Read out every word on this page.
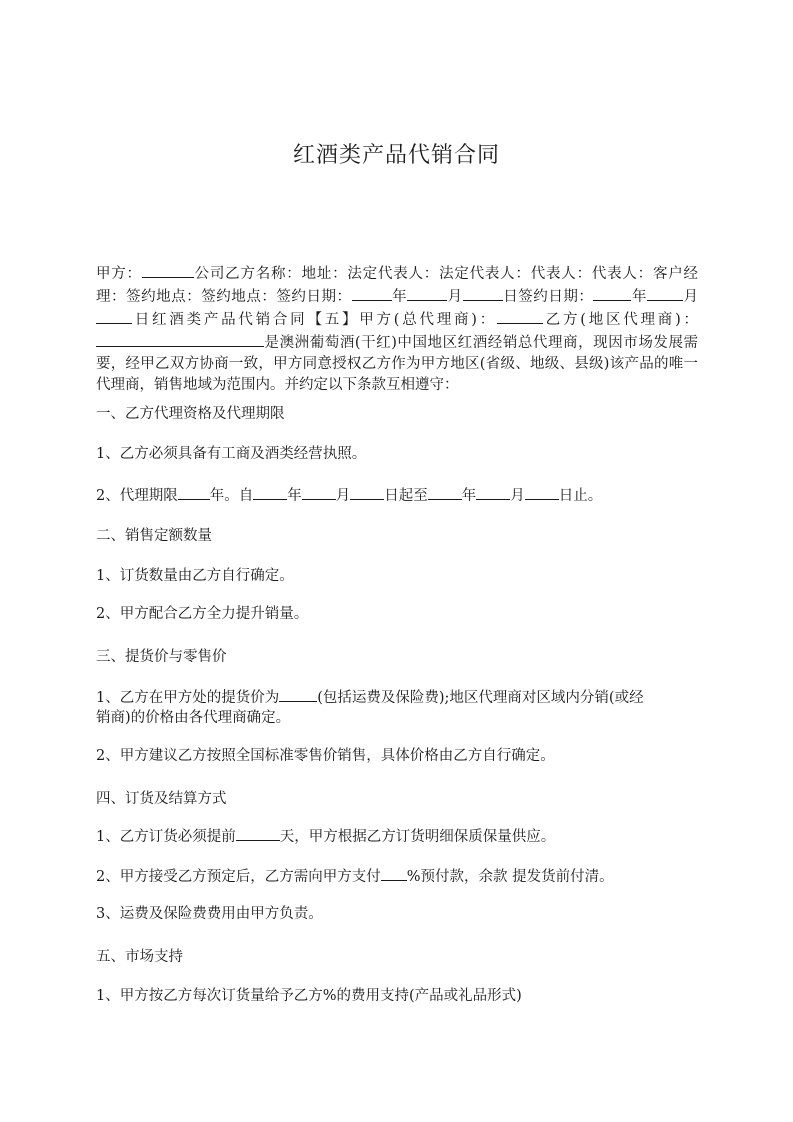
红酒类产品代销合同
甲方：	公司乙方名称：地址：法定代表人：法定代表人：代表人：代表人：客户经理：签约地点：签约地点：签约日期：	年	月	日签约日期：	年 月日红酒类产品代销合同【五】甲方(总代理商)：	乙方(地区代理商)：是澳洲葡萄酒(干红)中国地区红酒经销总代理商，现因市场发展需要，经甲乙双方协商一致，甲方同意授权乙方作为甲方地区(省级、地级、县级)该产品的唯一代理商，销售地域为范围内。并约定以下条款互相遵守：
一、乙方代理资格及代理期限
1、乙方必须具备有工商及酒类经营执照。
2、代理期限 年。自 年 月 日起至 年 月 日止。
二、销售定额数量
1、订货数量由乙方自行确定。
2、甲方配合乙方全力提升销量。
三、提货价与零售价
1、乙方在甲方处的提货价为	(包括运费及保险费);地区代理商对区域内分销(或经
销商)的价格由各代理商确定。
2、甲方建议乙方按照全国标准零售价销售，具体价格由乙方自行确定。
四、订货及结算方式
1、乙方订货必须提前	天，甲方根据乙方订货明细保质保量供应。
2、甲方接受乙方预定后，乙方需向甲方支付 %预付款，余款 提发货前付清。
3、运费及保险费费用由甲方负责。
五、市场支持
1、甲方按乙方每次订货量给予乙方%的费用支持(产品或礼品形式)
